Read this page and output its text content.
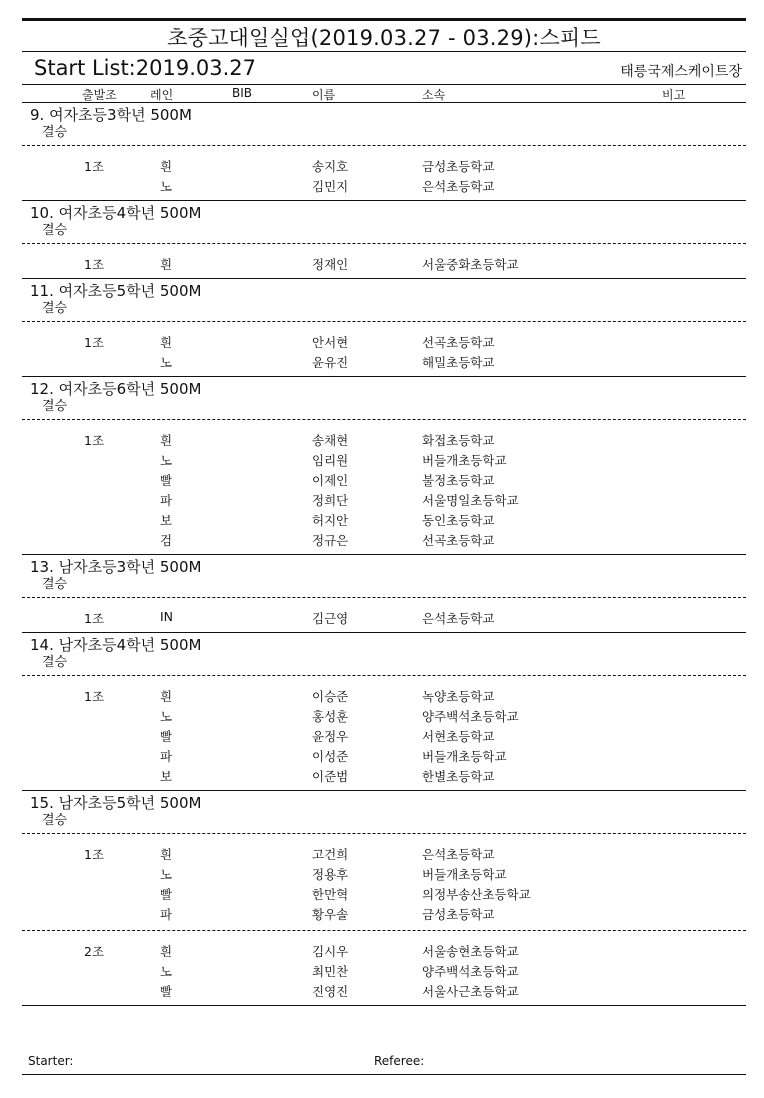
초중고대일실업(2019.03.27 - 03.29):스피드
Start List:2019.03.27	태릉국제스케이트장
출발조	레인	BIB	이름	소속	비고
9. 여자초등3학년 500M
결승
1조	흰	송지호	금성초등학교
노	김민지	은석초등학교
10. 여자초등4학년 500M
결승
1조	흰	정재인	서울중화초등학교
11. 여자초등5학년 500M
결승
1조	흰	안서현	선곡초등학교
노	윤유진	해밀초등학교
12. 여자초등6학년 500M
결승
1조	흰	송채현	화접초등학교
노	임리원	버들개초등학교
빨	이제인	불정초등학교
파	정희단	서울명일초등학교
보	허지안	동인초등학교
검	정규은	선곡초등학교
13. 남자초등3학년 500M
결승
1조	IN	김근영	은석초등학교
14. 남자초등4학년 500M
결승
1조	흰	이승준	녹양초등학교
노	홍성훈	양주백석초등학교
빨	윤정우	서현초등학교
파	이성준	버들개초등학교
보	이준범	한별초등학교
15. 남자초등5학년 500M
결승
1조	흰	고건희	은석초등학교
노	정용후	버들개초등학교
빨	한만혁	의정부송산초등학교
파	황우솔	금성초등학교
2조	흰	김시우	서울송현초등학교
노	최민찬	양주백석초등학교
빨	진영진	서울사근초등학교
Starter:	Referee:
